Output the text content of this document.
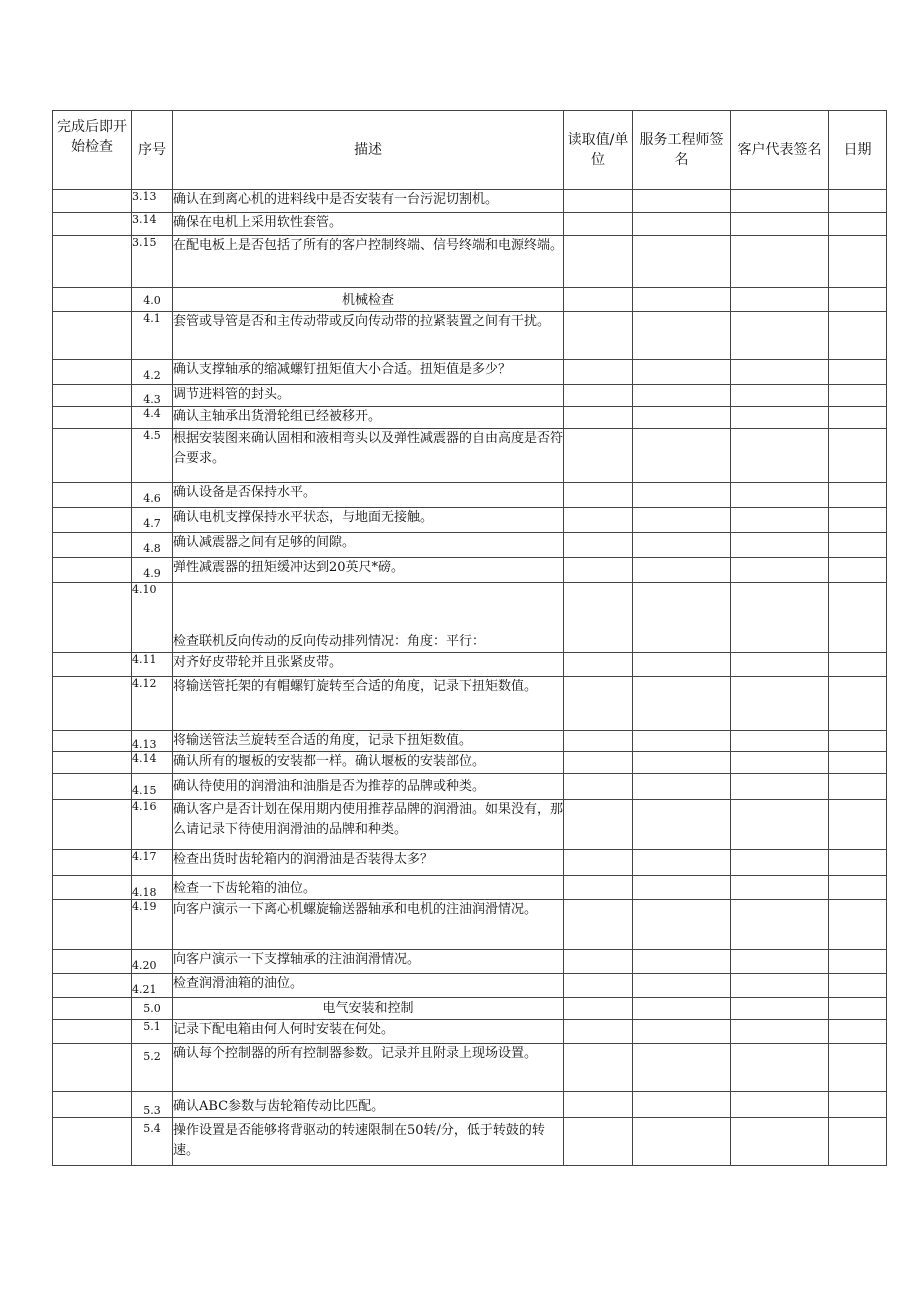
完成后即开始检查	序号	描述	读取值/单位	服务工程师签名	客户代表签名	日期
	3.13	确认在到离心机的进料线中是否安装有一台污泥切割机。				
	3.14	确保在电机上采用软性套管。				
	3.15	在配电板上是否包括了所有的客户控制终端、信号终端和电源终端。				
	4.0	机械检查				
	4.1	套管或导管是否和主传动带或反向传动带的拉紧装置之间有干扰。				
	4.2	确认支撑轴承的缩减螺钉扭矩值大小合适。扭矩值是多少？				
	4.3	调节进料管的封头。				
	4.4	确认主轴承出货滑轮组已经被移开。				
	4.5	根据安装图来确认固相和液相弯头以及弹性减震器的自由高度是否符合要求。				
	4.6	确认设备是否保持水平。				
	4.7	确认电机支撑保持水平状态，与地面无接触。				
	4.8	确认减震器之间有足够的间隙。				
	4.9	弹性减震器的扭矩缓冲达到20英尺*磅。				
	4.10	检查联机反向传动的反向传动排列情况：角度：平行：				
	4.11	对齐好皮带轮并且张紧皮带。				
	4.12	将输送管托架的有帽螺钉旋转至合适的角度，记录下扭矩数值。				
	4.13	将输送管法兰旋转至合适的角度，记录下扭矩数值。				
	4.14	确认所有的堰板的安装都一样。确认堰板的安装部位。				
	4.15	确认待使用的润滑油和油脂是否为推荐的品牌或种类。				
	4.16	确认客户是否计划在保用期内使用推荐品牌的润滑油。如果没有，那么请记录下待使用润滑油的品牌和种类。				
	4.17	检查出货时齿轮箱内的润滑油是否装得太多？				
	4.18	检查一下齿轮箱的油位。				
	4.19	向客户演示一下离心机螺旋输送器轴承和电机的注油润滑情况。				
	4.20	向客户演示一下支撑轴承的注油润滑情况。				
	4.21	检查润滑油箱的油位。				
	5.0	电气安装和控制				
	5.1	记录下配电箱由何人何时安装在何处。				
	5.2	确认每个控制器的所有控制器参数。记录并且附录上现场设置。				
	5.3	确认ABC参数与齿轮箱传动比匹配。				
	5.4	操作设置是否能够将背驱动的转速限制在50转/分，低于转鼓的转速。				
